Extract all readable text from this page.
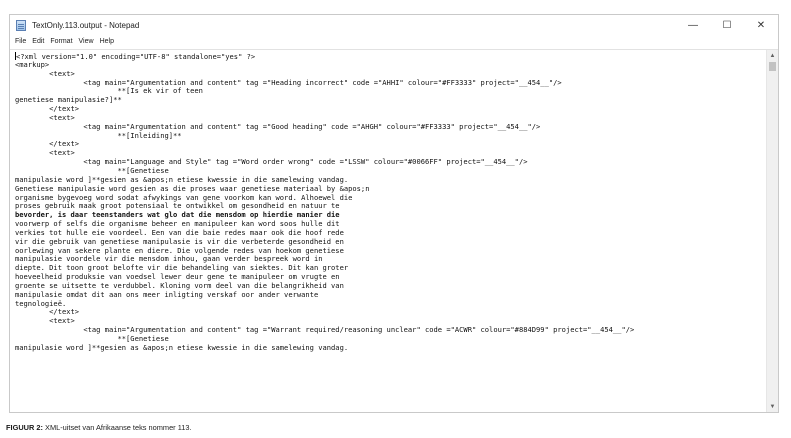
TextOnly.113.output - Notepad	—	☐	✕
File Edit Format View Help
<?xml version="1.0" encoding="UTF-8" standalone="yes" ?>
<markup>
<text>
<tag main="Argumentation and content" tag ="Heading incorrect" code ="AHHI" colour="#FF3333" project="__454__"/>
**[Is ek vir of teen
genetiese manipulasie?]**
</text>
<text>
<tag main="Argumentation and content" tag ="Good heading" code ="AHGH" colour="#FF3333" project="__454__"/>
**[Inleiding]**
</text>
<text>
<tag main="Language and Style" tag ="Word order wrong" code ="LSSW" colour="#0066FF" project="__454__"/>
**[Genetiese
manipulasie word ]**gesien as &apos;n etiese kwessie in die samelewing vandag.
Genetiese manipulasie word gesien as die proses waar genetiese materiaal by &apos;n
organisme bygevoeg word sodat afwykings van gene voorkom kan word. Alhoewel die
proses gebruik maak groot potensiaal te ontwikkel om gesondheid en natuur te
bevorder, is daar teenstanders wat glo dat die mensdom op hierdie manier die
voorwerp of selfs die organisme beheer en manipuleer kan word soos hulle dit
verkies tot hulle eie voordeel. Een van die baie redes maar ook die hoof rede
vir die gebruik van genetiese manipulasie is vir die verbeterde gesondheid en
oorlewing van sekere plante en diere. Die volgende redes van hoekom genetiese
manipulasie voordele vir die mensdom inhou, gaan verder bespreek word in
diepte. Dit toon groot belofte vir die behandeling van siektes. Dit kan groter
hoeveelheid produksie van voedsel lewer deur gene te manipuleer om vrugte en
groente se uitsette te verdubbel. Kloning vorm deel van die belangrikheid van
manipulasie omdat dit aan ons meer inligting verskaf oor ander verwante
tegnologieë.
</text>
<text>
<tag main="Argumentation and content" tag ="Warrant required/reasoning unclear" code ="ACWR" colour="#884D99" project="__454__"/>
**[Genetiese
manipulasie word ]**gesien as &apos;n etiese kwessie in die samelewing vandag.
▲
▼
FIGUUR 2: XML-uitset van Afrikaanse teks nommer 113.
